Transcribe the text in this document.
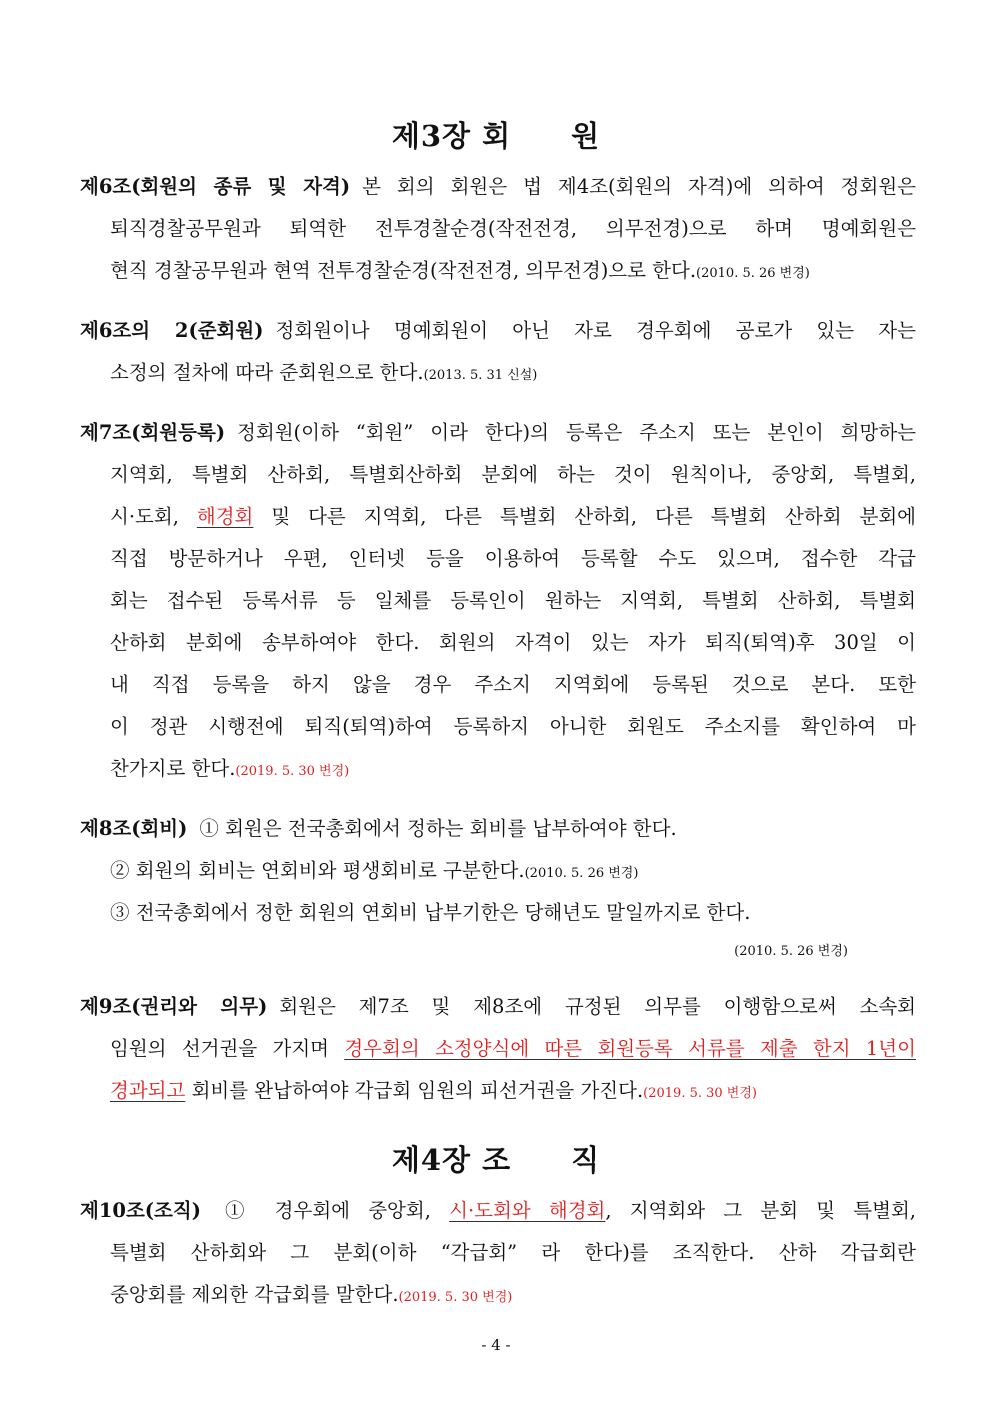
제3장 회 원
제6조(회원의 종류 및 자격) 본 회의 회원은 법 제4조(회원의 자격)에 의하여 정회원은
퇴직경찰공무원과 퇴역한 전투경찰순경(작전전경, 의무전경)으로 하며 명예회원은
현직 경찰공무원과 현역 전투경찰순경(작전전경, 의무전경)으로 한다.(2010. 5. 26 변경)
제6조의 2(준회원) 정회원이나 명예회원이 아닌 자로 경우회에 공로가 있는 자는
소정의 절차에 따라 준회원으로 한다.(2013. 5. 31 신설)
제7조(회원등록) 정회원(이하 “회원” 이라 한다)의 등록은 주소지 또는 본인이 희망하는
지역회, 특별회 산하회, 특별회산하회 분회에 하는 것이 원칙이나, 중앙회, 특별회,
시·도회, 해경회 및 다른 지역회, 다른 특별회 산하회, 다른 특별회 산하회 분회에
직접 방문하거나 우편, 인터넷 등을 이용하여 등록할 수도 있으며, 접수한 각급
회는 접수된 등록서류 등 일체를 등록인이 원하는 지역회, 특별회 산하회, 특별회
산하회 분회에 송부하여야 한다. 회원의 자격이 있는 자가 퇴직(퇴역)후 30일 이
내 직접 등록을 하지 않을 경우 주소지 지역회에 등록된 것으로 본다. 또한
이 정관 시행전에 퇴직(퇴역)하여 등록하지 아니한 회원도 주소지를 확인하여 마
찬가지로 한다.(2019. 5. 30 변경)
제8조(회비) ① 회원은 전국총회에서 정하는 회비를 납부하여야 한다.
② 회원의 회비는 연회비와 평생회비로 구분한다.(2010. 5. 26 변경)
③ 전국총회에서 정한 회원의 연회비 납부기한은 당해년도 말일까지로 한다.
(2010. 5. 26 변경)
제9조(권리와 의무) 회원은 제7조 및 제8조에 규정된 의무를 이행함으로써 소속회
임원의 선거권을 가지며 경우회의 소정양식에 따른 회원등록 서류를 제출 한지 1년이
경과되고 회비를 완납하여야 각급회 임원의 피선거권을 가진다.(2019. 5. 30 변경)
제4장 조 직
제10조(조직) ① 경우회에 중앙회, 시·도회와 해경회, 지역회와 그 분회 및 특별회,
특별회 산하회와 그 분회(이하 “각급회” 라 한다)를 조직한다. 산하 각급회란
중앙회를 제외한 각급회를 말한다.(2019. 5. 30 변경)
- 4 -
